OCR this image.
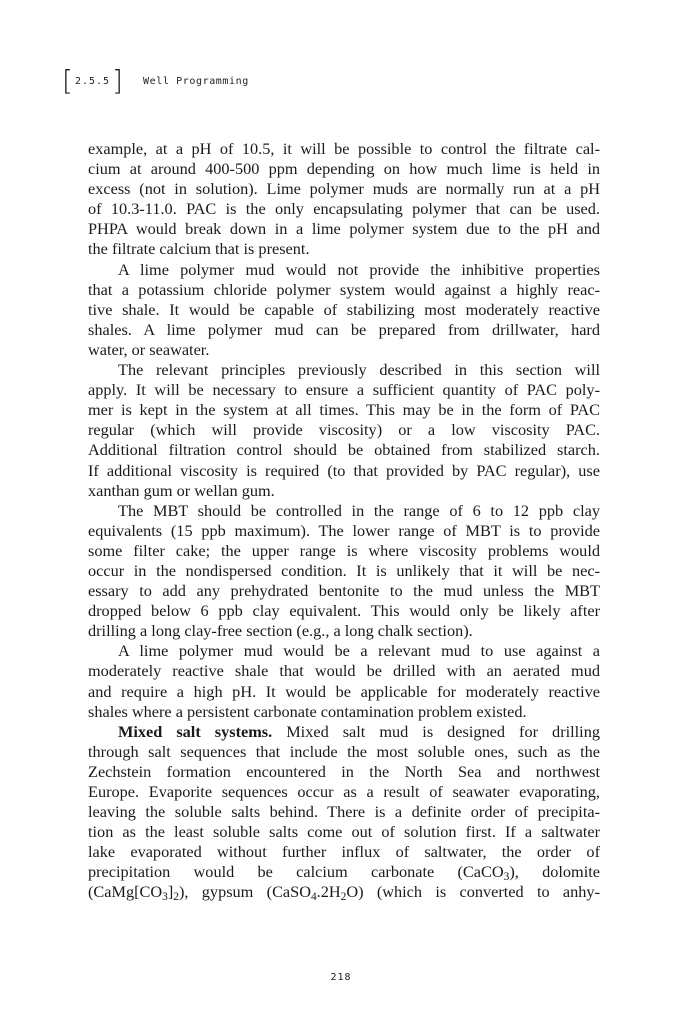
[ 2.5.5 ] Well Programming
example, at a pH of 10.5, it will be possible to control the filtrate cal-
cium at around 400-500 ppm depending on how much lime is held in
excess (not in solution). Lime polymer muds are normally run at a pH
of 10.3-11.0. PAC is the only encapsulating polymer that can be used.
PHPA would break down in a lime polymer system due to the pH and
the filtrate calcium that is present.
A lime polymer mud would not provide the inhibitive properties
that a potassium chloride polymer system would against a highly reac-
tive shale. It would be capable of stabilizing most moderately reactive
shales. A lime polymer mud can be prepared from drillwater, hard
water, or seawater.
The relevant principles previously described in this section will
apply. It will be necessary to ensure a sufficient quantity of PAC poly-
mer is kept in the system at all times. This may be in the form of PAC
regular (which will provide viscosity) or a low viscosity PAC.
Additional filtration control should be obtained from stabilized starch.
If additional viscosity is required (to that provided by PAC regular), use
xanthan gum or wellan gum.
The MBT should be controlled in the range of 6 to 12 ppb clay
equivalents (15 ppb maximum). The lower range of MBT is to provide
some filter cake; the upper range is where viscosity problems would
occur in the nondispersed condition. It is unlikely that it will be nec-
essary to add any prehydrated bentonite to the mud unless the MBT
dropped below 6 ppb clay equivalent. This would only be likely after
drilling a long clay-free section (e.g., a long chalk section).
A lime polymer mud would be a relevant mud to use against a
moderately reactive shale that would be drilled with an aerated mud
and require a high pH. It would be applicable for moderately reactive
shales where a persistent carbonate contamination problem existed.
Mixed salt systems. Mixed salt mud is designed for drilling
through salt sequences that include the most soluble ones, such as the
Zechstein formation encountered in the North Sea and northwest
Europe. Evaporite sequences occur as a result of seawater evaporating,
leaving the soluble salts behind. There is a definite order of precipita-
tion as the least soluble salts come out of solution first. If a saltwater
lake evaporated without further influx of saltwater, the order of
precipitation would be calcium carbonate (CaCO$_3$), dolomite
$(CaMg[CO_3]_2)$, gypsum $(CaSO_4.2H_2O)$ (which is converted to anhy-
218
